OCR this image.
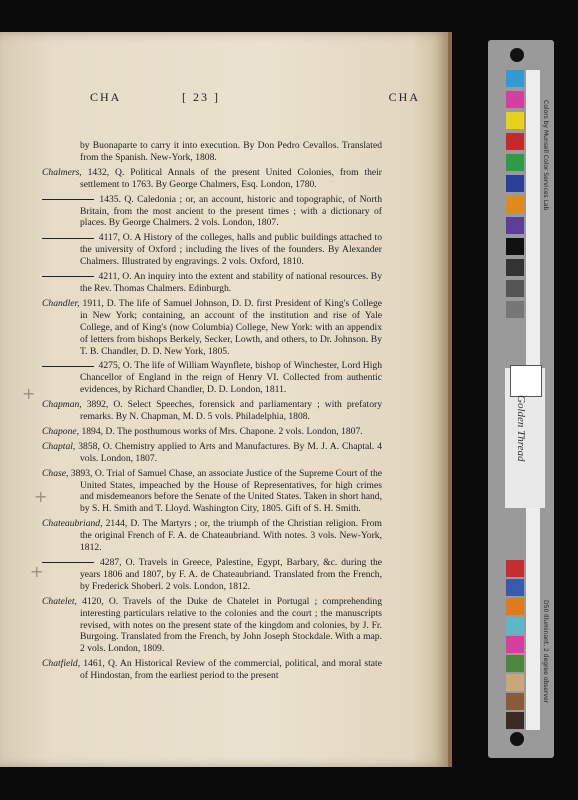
CHA	[ 23 ]	CHA
by Buonaparte to carry it into execution. By Don Pedro Cevallos. Translated from the Spanish. New-York, 1808.
Chalmers, 1432, Q. Political Annals of the present United Colonies, from their settlement to 1763. By George Chalmers, Esq. London, 1780.
1435. Q. Caledonia ; or, an account, historic and topographic, of North Britain, from the most ancient to the present times ; with a dictionary of places. By George Chalmers. 2 vols. London, 1807.
4117, O. A History of the colleges, halls and public buildings attached to the university of Oxford ; including the lives of the founders. By Alexander Chalmers. Illustrated by engravings. 2 vols. Oxford, 1810.
4211, O. An inquiry into the extent and stability of national resources. By the Rev. Thomas Chalmers. Edinburgh.
Chandler, 1911, D. The life of Samuel Johnson, D. D. first President of King's College in New York; containing, an account of the institution and rise of Yale College, and of King's (now Columbia) College, New York: with an appendix of letters from bishops Berkely, Secker, Lowth, and others, to Dr. Johnson. By T. B. Chandler, D. D. New York, 1805.
4275, O. The life of William Waynflete, bishop of Winchester, Lord High Chancellor of England in the reign of Henry VI. Collected from authentic evidences, by Richard Chandler, D. D. London, 1811.
Chapman, 3892, O. Select Speeches, forensick and parliamentary ; with prefatory remarks. By N. Chapman, M. D. 5 vols. Philadelphia, 1808.
Chapone, 1894, D. The posthumous works of Mrs. Chapone. 2 vols. London, 1807.
Chaptal, 3858, O. Chemistry applied to Arts and Manufactures. By M. J. A. Chaptal. 4 vols. London, 1807.
Chase, 3893, O. Trial of Samuel Chase, an associate Justice of the Supreme Court of the United States, impeached by the House of Representatives, for high crimes and misdemeanors before the Senate of the United States. Taken in short hand, by S. H. Smith and T. Lloyd. Washington City, 1805. Gift of S. H. Smith.
Chateaubriand, 2144, D. The Martyrs ; or, the triumph of the Christian religion. From the original French of F. A. de Chateaubriand. With notes. 3 vols. New-York, 1812.
4287, O. Travels in Greece, Palestine, Egypt, Barbary, &c. during the years 1806 and 1807, by F. A. de Chateaubriand. Translated from the French, by Frederick Shoberl. 2 vols. London, 1812.
Chatelet, 4120, O. Travels of the Duke de Chatelet in Portugal ; comprehending interesting particulars relative to the colonies and the court ; the manuscripts revised, with notes on the present state of the kingdom and colonies, by J. Fr. Burgoing. Translated from the French, by John Joseph Stockdale. With a map. 2 vols. London, 1809.
Chatfield, 1461, Q. An Historical Review of the commercial, political, and moral state of Hindostan, from the earliest period to the present
+
+
+
Colors by Munsell Color Services Lab
D50 Illuminant, 2 degree observer
Golden Thread
